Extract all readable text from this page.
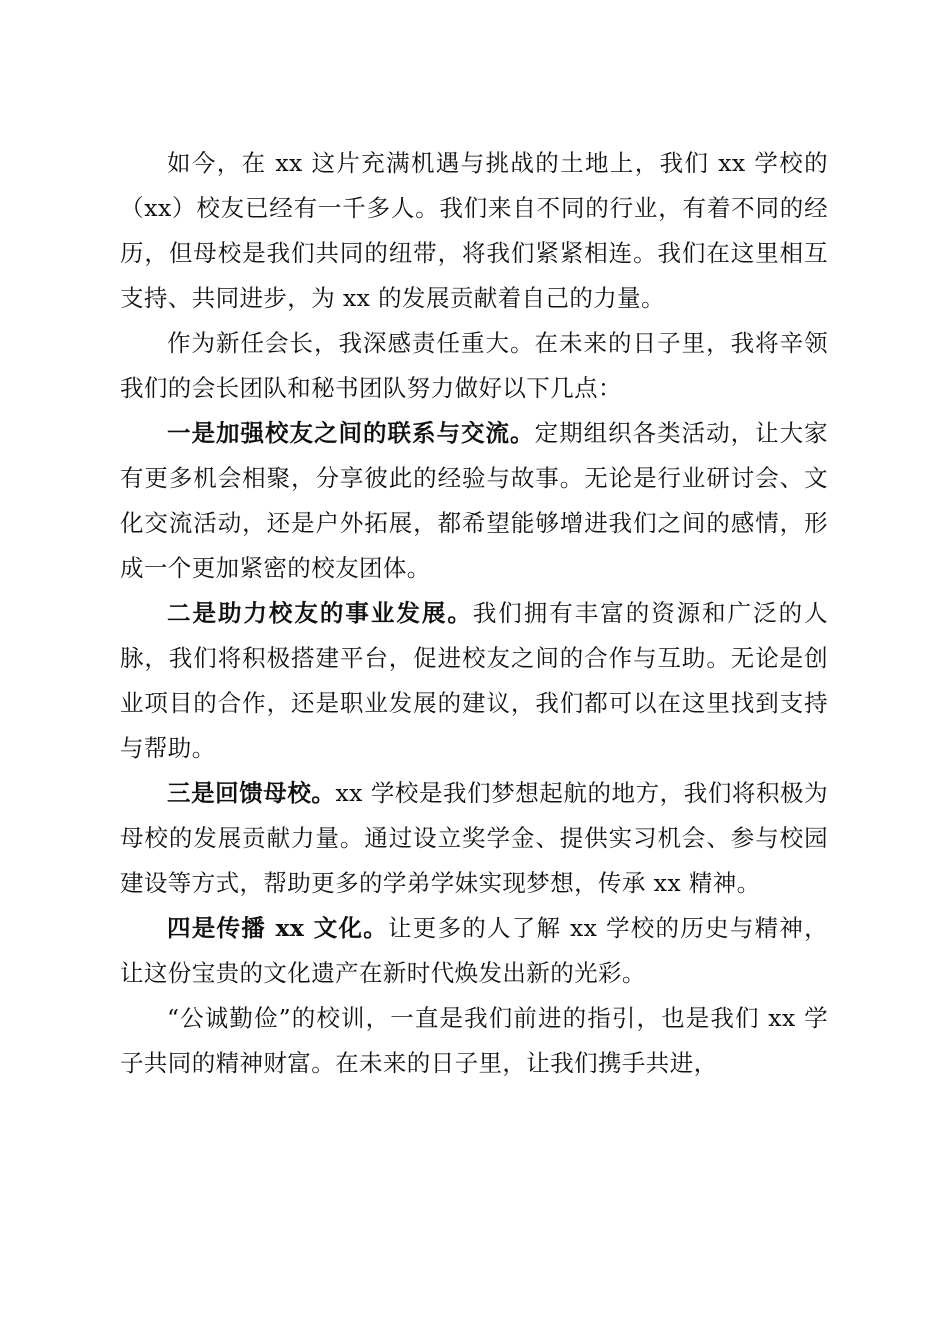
如今，在 xx 这片充满机遇与挑战的土地上，我们 xx 学校的（xx）校友已经有一千多人。我们来自不同的行业，有着不同的经历，但母校是我们共同的纽带，将我们紧紧相连。我们在这里相互支持、共同进步，为 xx 的发展贡献着自己的力量。

作为新任会长，我深感责任重大。在未来的日子里，我将辛领我们的会长团队和秘书团队努力做好以下几点：

一是加强校友之间的联系与交流。定期组织各类活动，让大家有更多机会相聚，分享彼此的经验与故事。无论是行业研讨会、文化交流活动，还是户外拓展，都希望能够增进我们之间的感情，形成一个更加紧密的校友团体。

二是助力校友的事业发展。我们拥有丰富的资源和广泛的人脉，我们将积极搭建平台，促进校友之间的合作与互助。无论是创业项目的合作，还是职业发展的建议，我们都可以在这里找到支持与帮助。

三是回馈母校。xx 学校是我们梦想起航的地方，我们将积极为母校的发展贡献力量。通过设立奖学金、提供实习机会、参与校园建设等方式，帮助更多的学弟学妹实现梦想，传承 xx 精神。

四是传播 xx 文化。让更多的人了解 xx 学校的历史与精神，让这份宝贵的文化遗产在新时代焕发出新的光彩。

“公诚勤俭”的校训，一直是我们前进的指引，也是我们 xx 学子共同的精神财富。在未来的日子里，让我们携手共进，
